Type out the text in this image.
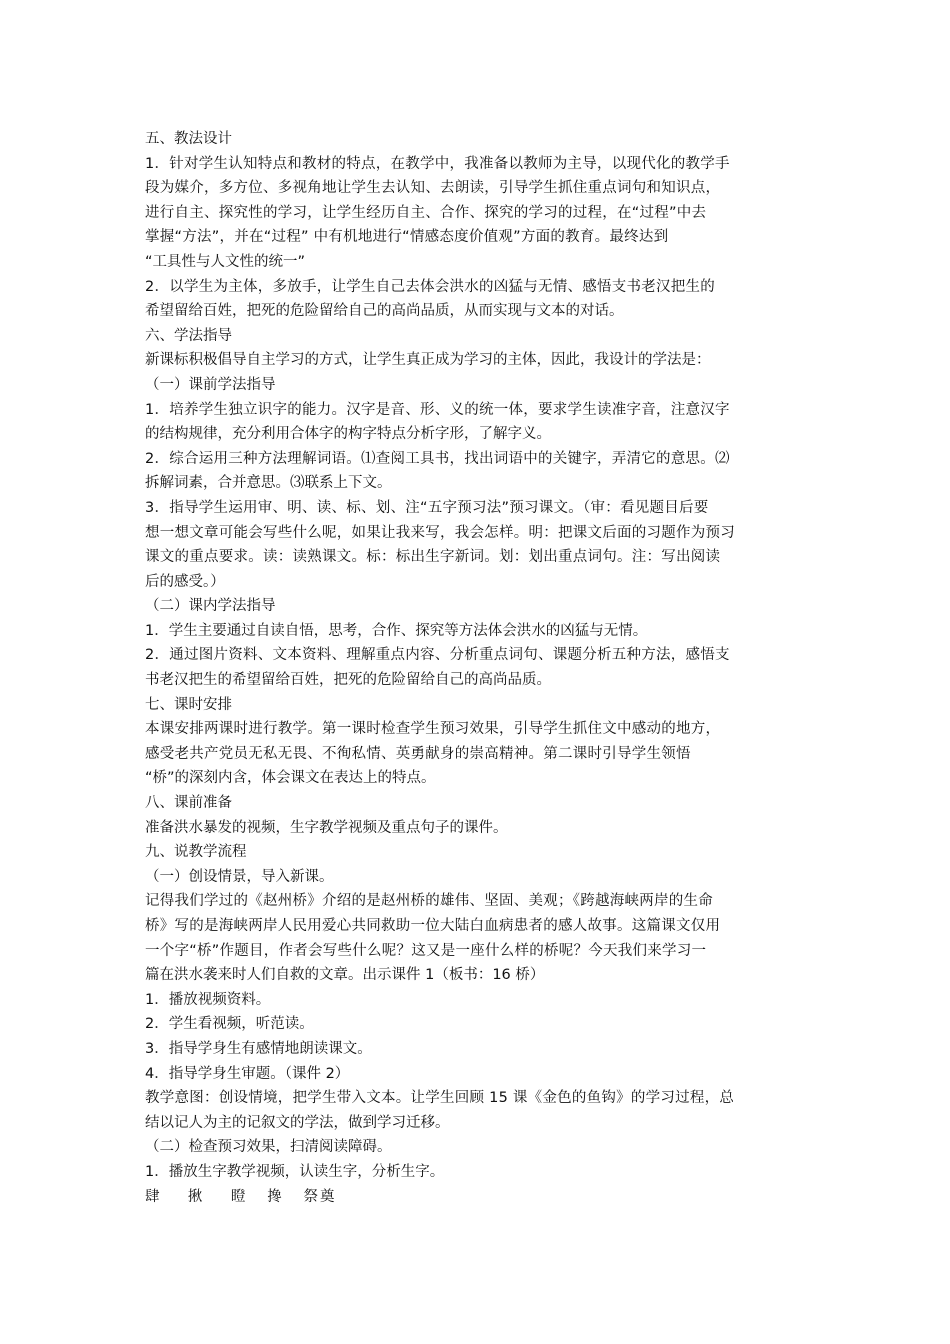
五、教法设计
1．针对学生认知特点和教材的特点，在教学中，我准备以教师为主导，以现代化的教学手
段为媒介，多方位、多视角地让学生去认知、去朗读，引导学生抓住重点词句和知识点，
进行自主、探究性的学习，让学生经历自主、合作、探究的学习的过程，在“过程”中去
掌握“方法”，并在“过程” 中有机地进行“情感态度价值观”方面的教育。最终达到
“工具性与人文性的统一”
2．以学生为主体，多放手，让学生自己去体会洪水的凶猛与无情、感悟支书老汉把生的
希望留给百姓，把死的危险留给自己的高尚品质，从而实现与文本的对话。
六、学法指导
新课标积极倡导自主学习的方式，让学生真正成为学习的主体，因此，我设计的学法是：
（一）课前学法指导
1．培养学生独立识字的能力。汉字是音、形、义的统一体，要求学生读准字音，注意汉字
的结构规律，充分利用合体字的构字特点分析字形，了解字义。
2．综合运用三种方法理解词语。⑴查阅工具书，找出词语中的关键字，弄清它的意思。⑵
拆解词素，合并意思。⑶联系上下文。
3．指导学生运用审、明、读、标、划、注“五字预习法”预习课文。（审：看见题目后要
想一想文章可能会写些什么呢，如果让我来写，我会怎样。明：把课文后面的习题作为预习
课文的重点要求。读：读熟课文。标：标出生字新词。划：划出重点词句。注：写出阅读
后的感受。）
（二）课内学法指导
1．学生主要通过自读自悟，思考，合作、探究等方法体会洪水的凶猛与无情。
2．通过图片资料、文本资料、理解重点内容、分析重点词句、课题分析五种方法，感悟支
书老汉把生的希望留给百姓，把死的危险留给自己的高尚品质。
七、课时安排
本课安排两课时进行教学。第一课时检查学生预习效果，引导学生抓住文中感动的地方，
感受老共产党员无私无畏、不徇私情、英勇献身的崇高精神。第二课时引导学生领悟
“桥”的深刻内含，体会课文在表达上的特点。
八、课前准备
准备洪水暴发的视频，生字教学视频及重点句子的课件。
九、说教学流程
（一）创设情景，导入新课。
记得我们学过的《赵州桥》介绍的是赵州桥的雄伟、坚固、美观；《跨越海峡两岸的生命
桥》写的是海峡两岸人民用爱心共同救助一位大陆白血病患者的感人故事。这篇课文仅用
一个字“桥”作题目，作者会写些什么呢？这又是一座什么样的桥呢？今天我们来学习一
篇在洪水袭来时人们自救的文章。出示课件 1（板书：16 桥）
1．播放视频资料。
2．学生看视频，听范读。
3．指导学身生有感情地朗读课文。
4．指导学身生审题。（课件 2）
教学意图：创设情境，把学生带入文本。让学生回顾 15 课《金色的鱼钩》的学习过程，总
结以记人为主的记叙文的学法，做到学习迁移。
（二）检查预习效果，扫清阅读障碍。
1．播放生字教学视频，认读生字，分析生字。
肆    揪    瞪   搀   祭奠
